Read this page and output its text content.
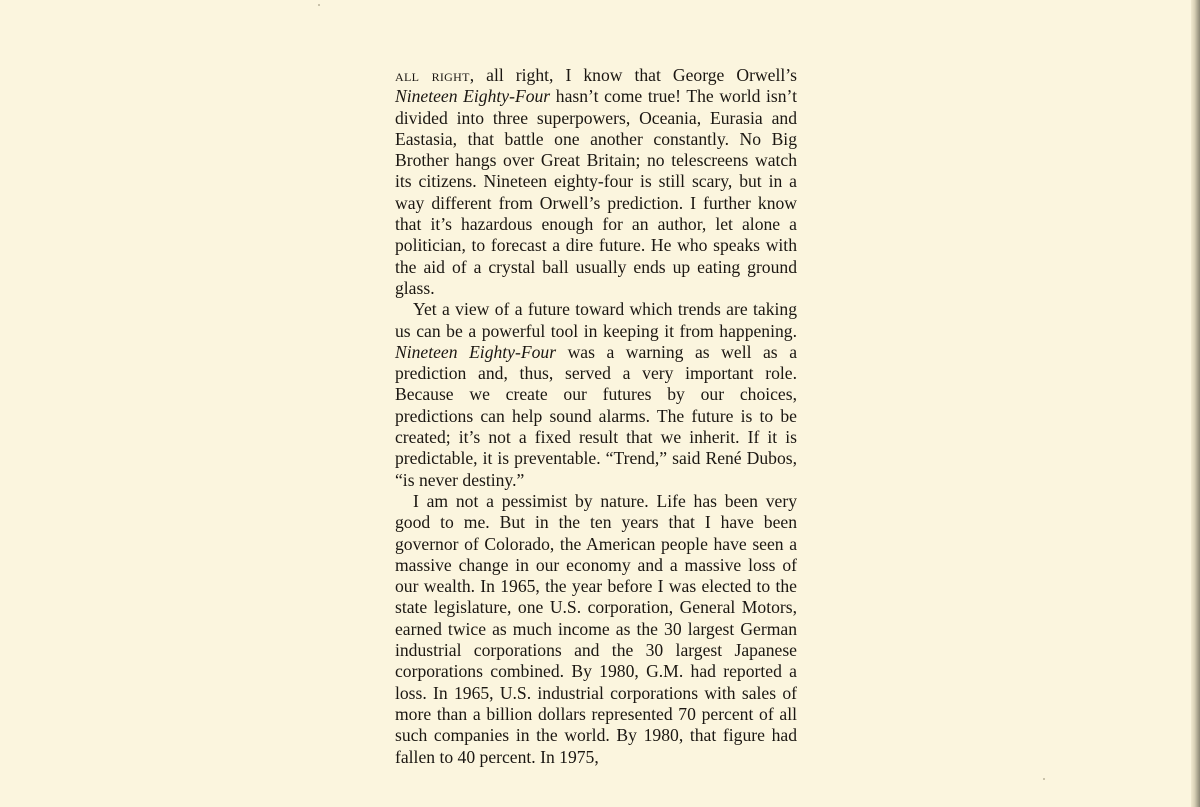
all right, all right, I know that George Orwell’s Nineteen Eighty-Four hasn’t come true! The world isn’t divided into three superpowers, Oceania, Eurasia and Eastasia, that battle one another constantly. No Big Brother hangs over Great Britain; no telescreens watch its citizens. Nineteen eighty-four is still scary, but in a way different from Orwell’s prediction. I further know that it’s hazardous enough for an author, let alone a politician, to forecast a dire future. He who speaks with the aid of a crystal ball usually ends up eating ground glass.

Yet a view of a future toward which trends are taking us can be a powerful tool in keeping it from happening. Nineteen Eighty-Four was a warning as well as a prediction and, thus, served a very important role. Because we create our futures by our choices, predictions can help sound alarms. The future is to be created; it’s not a fixed result that we inherit. If it is predictable, it is preventable. “Trend,” said René Dubos, “is never destiny.”

I am not a pessimist by nature. Life has been very good to me. But in the ten years that I have been governor of Colorado, the American people have seen a massive change in our economy and a massive loss of our wealth. In 1965, the year before I was elected to the state legislature, one U.S. corporation, General Motors, earned twice as much income as the 30 largest German industrial corporations and the 30 largest Japanese corporations combined. By 1980, G.M. had reported a loss. In 1965, U.S. industrial corporations with sales of more than a billion dollars represented 70 percent of all such companies in the world. By 1980, that figure had fallen to 40 percent. In 1975,
